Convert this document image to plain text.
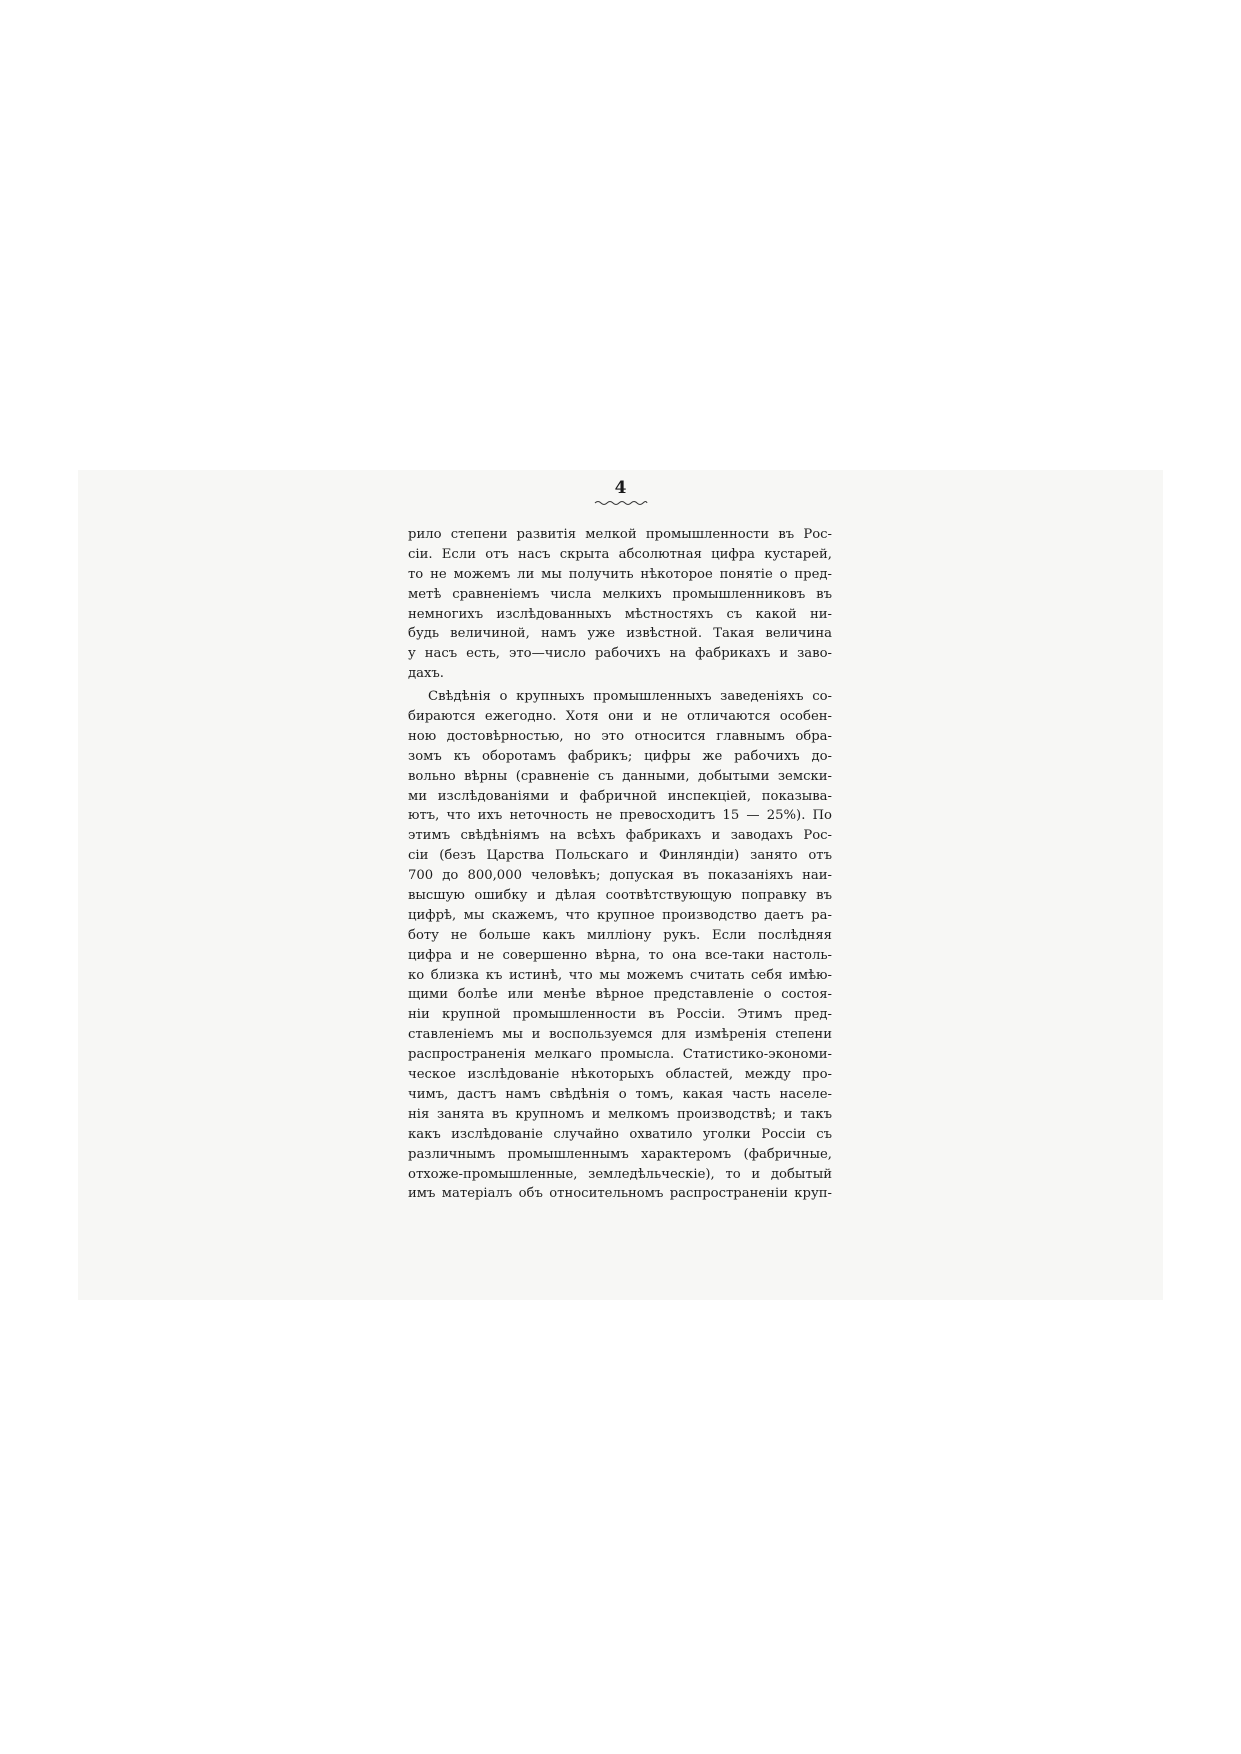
4
рило степени развитія мелкой промышленности въ Рос-
сіи. Если отъ насъ скрыта абсолютная цифра кустарей,
то не можемъ ли мы получить нѣкоторое понятіе о пред-
метѣ сравненіемъ числа мелкихъ промышленниковъ въ
немногихъ изслѣдованныхъ мѣстностяхъ съ какой ни-
будь величиной, намъ уже извѣстной. Такая величина
у насъ есть, это—число рабочихъ на фабрикахъ и заво-
дахъ.
Свѣдѣнія о крупныхъ промышленныхъ заведеніяхъ со-
бираются ежегодно. Хотя они и не отличаются особен-
ною достовѣрностью, но это относится главнымъ обра-
зомъ къ оборотамъ фабрикъ; цифры же рабочихъ до-
вольно вѣрны (сравненіе съ данными, добытыми земски-
ми изслѣдованіями и фабричной инспекціей, показыва-
ютъ, что ихъ неточность не превосходитъ 15 — 25%). По
этимъ свѣдѣніямъ на всѣхъ фабрикахъ и заводахъ Рос-
сіи (безъ Царства Польскаго и Финляндіи) занято отъ
700 до 800,000 человѣкъ; допуская въ показаніяхъ наи-
высшую ошибку и дѣлая соотвѣтствующую поправку въ
цифрѣ, мы скажемъ, что крупное производство даетъ ра-
боту не больше какъ милліону рукъ. Если послѣдняя
цифра и не совершенно вѣрна, то она все-таки настоль-
ко близка къ истинѣ, что мы можемъ считать себя имѣю-
щими болѣе или менѣе вѣрное представленіе о состоя-
ніи крупной промышленности въ Россіи. Этимъ пред-
ставленіемъ мы и воспользуемся для измѣренія степени
распространенія мелкаго промысла. Статистико-экономи-
ческое изслѣдованіе нѣкоторыхъ областей, между про-
чимъ, дастъ намъ свѣдѣнія о томъ, какая часть населе-
нія занята въ крупномъ и мелкомъ производствѣ; и такъ
какъ изслѣдованіе случайно охватило уголки Россіи съ
различнымъ промышленнымъ характеромъ (фабричные,
отхоже-промышленные, земледѣльческіе), то и добытый
имъ матеріалъ объ относительномъ распространеніи круп-
